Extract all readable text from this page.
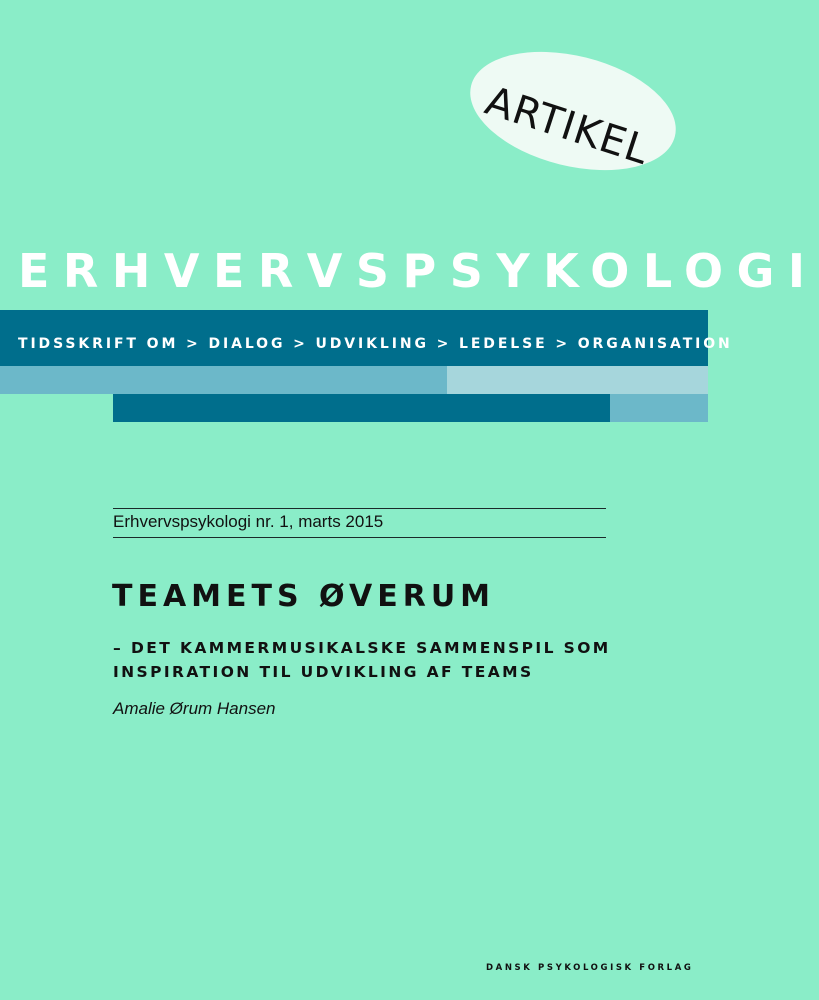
ARTIKEL
ERHVERVSPSYKOLOGI
TIDSSKRIFT OM > DIALOG > UDVIKLING > LEDELSE > ORGANISATION
Erhvervspsykologi nr. 1, marts 2015
TEAMETS ØVERUM
– DET KAMMERMUSIKALSKE SAMMENSPIL SOM
INSPIRATION TIL UDVIKLING AF TEAMS
Amalie Ørum Hansen
DANSK PSYKOLOGISK FORLAG
